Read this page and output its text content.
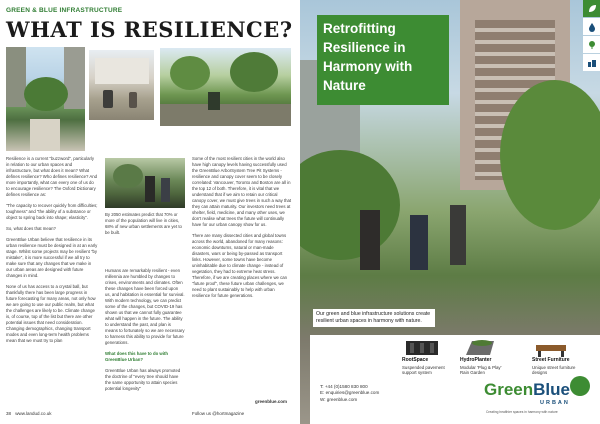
GREEN & BLUE INFRASTRUCTURE
WHAT IS RESILIENCE?

Resilience is a current "buzzword", particularly in relation to our urban spaces and infrastructure, but what does it mean? What defines resilience? Who defines resilience? And more importantly, what can every one of us do to encourage resilience? The Oxford Dictionary defines resilience as:

"The capacity to recover quickly from difficulties; toughness" and "the ability of a substance or object to spring back into shape; elasticity".

So, what does that mean?

GreenBlue Urban believe that resilience in its urban resilience must be designed in at an early stage. Whilst some projects may be resilient "by mistake", it is more successful if we all try to make sure that any changes that we make in our urban areas are designed with future changes in mind.

None of us has access to a crystal ball, but thankfully there has been large progress in future forecasting for many areas, not only how we are going to use our public realm, but what the challenges are likely to be. Climate change is, of course, top of the list but there are other potential issues that need consideration. Changing demographics, changing transport modes and even long-term health problems mean that we must try to plan

By 2050 estimates predict that 70% or more of the population will live in cities, 68% of new urban settlements are yet to be built.

Humans are remarkably resilient - even millennia are humbled by changes to crises, environments and climates. Often these changes have been forced upon us, and habitation is essential for survival. With modern technology, we can predict some of the changes, but COVID-19 has shown us that we cannot fully guarantee what will happen in the future. The ability to understand the past, and plan is means to fortunately so we are necessary to harness this ability to provide for future generations.

What does this have to do with GreenBlue Urban?

GreenBlue Urban has always promoted the doctrine of "every tree should have the same opportunity to attain species potential longevity"

Some of the most resilient cities in the world also have high canopy levels having successfully used the GreenBlue ArborSystem Tree Pit Systems - resilience and canopy cover seem to be closely correlated: Vancouver, Toronto and Boston are all in the top 12 of both. Therefore, it is vital that we understand that if we aim to retain our critical canopy cover, we must give trees in such a way that they can attain maturity. Our investors need trees at shelter, field, medicine, and many other uses, we don't realise what trees the future will continually have for our urban canopy show for us.

There are many dissected cities and global towns across the world, abandoned for many reasons: economic downturns, natural or man-made disasters, wars or being by-passed as transport links. However, some towns have become uninhabitable due to climate change - instead of vegetation, they had to extreme heat stress. Therefore, if we are creating places where we can "future proof", these future urban challenges, we need to plant sustainably to help with urban resilience for future generations.

greenblue.com
38 www.landud.co.uk	Follow us @hortmagazine
Retrofitting
Resilience in
Harmony with
Nature
Our green and blue infrastructure solutions create resilient urban spaces in harmony with nature.
RootSpace
Suspended pavement support system
HydroPlanter
Modular 'Plug & Play' Rain Garden
Street Furniture
Unique street furniture designs
T: +44 (0)1580 830 800
E: enquiries@greenblue.com
W: greenblue.com
GreenBlue
URBAN
Creating healthier spaces in harmony with nature
